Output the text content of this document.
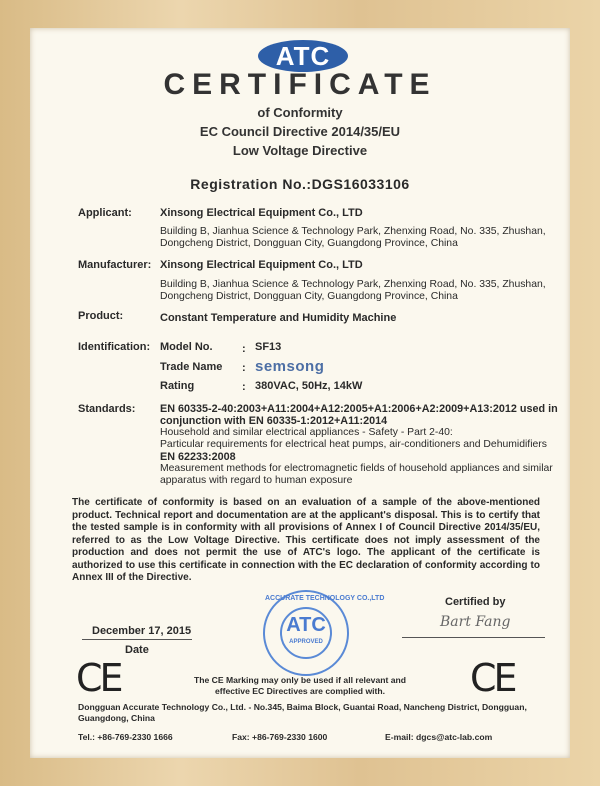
ATC
CERTIFICATE
of Conformity
EC Council Directive 2014/35/EU
Low Voltage Directive
Registration No.:DGS16033106
Applicant:	Xinsong Electrical Equipment Co., LTD
Building B, Jianhua Science & Technology Park, Zhenxing Road, No. 335, Zhushan,
Dongcheng District, Dongguan City, Guangdong Province, China
Manufacturer: Xinsong Electrical Equipment Co., LTD
Building B, Jianhua Science & Technology Park, Zhenxing Road, No. 335, Zhushan,
Dongcheng District, Dongguan City, Guangdong Province, China
Product:	Constant Temperature and Humidity Machine
Identification: Model No.	: SF13
Trade Name : semsong
Rating	: 380VAC, 50Hz, 14kW
Standards: EN 60335-2-40:2003+A11:2004+A12:2005+A1:2006+A2:2009+A13:2012 used in
conjunction with EN 60335-1:2012+A11:2014
Household and similar electrical appliances - Safety - Part 2-40:
Particular requirements for electrical heat pumps, air-conditioners and Dehumidifiers
EN 62233:2008
Measurement methods for electromagnetic fields of household appliances and similar
apparatus with regard to human exposure
The certificate of conformity is based on an evaluation of a sample of the above-mentioned product. Technical report and documentation are at the applicant's disposal. This is to certify that the tested sample is in conformity with all provisions of Annex I of Council Directive 2014/35/EU, referred to as the Low Voltage Directive. This certificate does not imply assessment of the production and does not permit the use of ATC's logo. The applicant of the certificate is authorized to use this certificate in connection with the EC declaration of conformity according to Annex III of the Directive.
Certified by
Bart Fang
December 17, 2015
Date
ACCURATE TECHNOLOGY CO.,LTD
ATC
APPROVED
CE	CE
The CE Marking may only be used if all relevant and
effective EC Directives are complied with.
Dongguan Accurate Technology Co., Ltd. - No.345, Baima Block, Guantai Road, Nancheng District, Dongguan,
Guangdong, China
Tel.: +86-769-2330 1666	Fax: +86-769-2330 1600	E-mail: dgcs@atc-lab.com
